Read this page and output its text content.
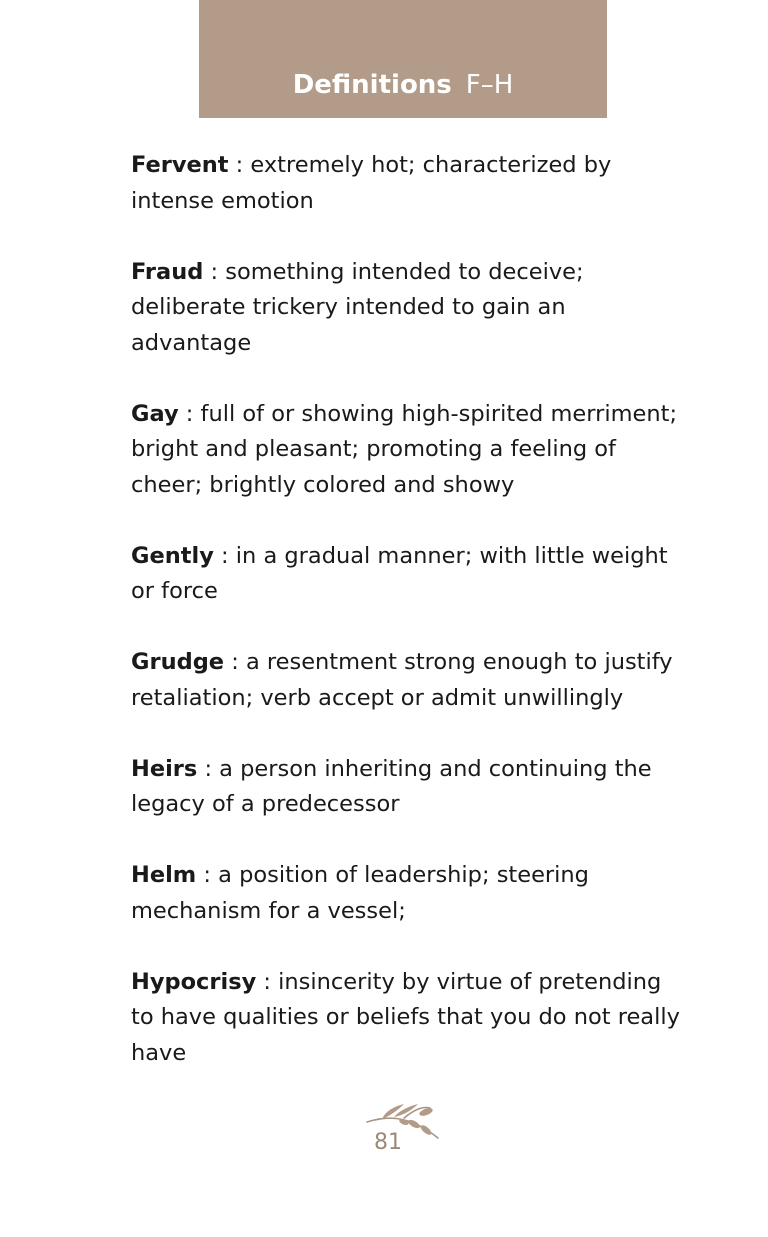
Definitions F–H

Fervent : extremely hot; characterized by intense emotion

Fraud : something intended to deceive; deliberate trickery intended to gain an advantage

Gay : full of or showing high-spirited merriment; bright and pleasant; promoting a feeling of cheer; brightly colored and showy

Gently : in a gradual manner; with little weight or force

Grudge : a resentment strong enough to justify retaliation; verb accept or admit unwillingly

Heirs : a person inheriting and continuing the legacy of a predecessor

Helm : a position of leadership; steering mechanism for a vessel;

Hypocrisy : insincerity by virtue of pretending to have qualities or beliefs that you do not really have

81
